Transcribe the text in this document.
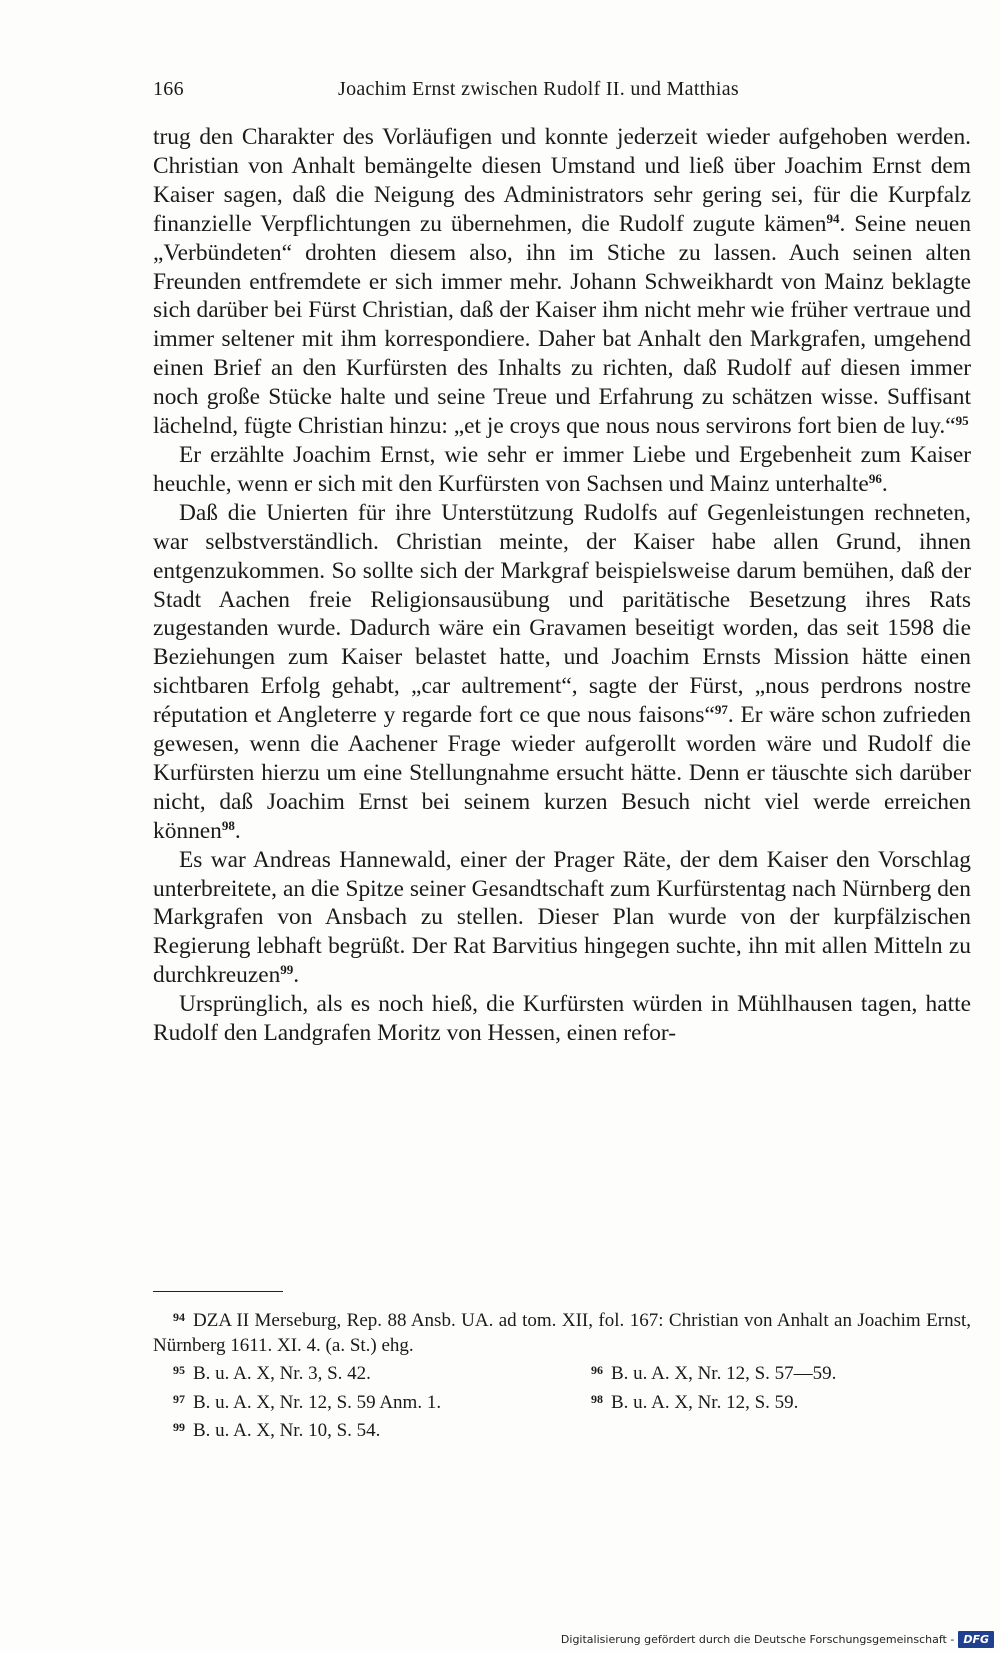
166	Joachim Ernst zwischen Rudolf II. und Matthias

trug den Charakter des Vorläufigen und konnte jederzeit wieder aufgehoben werden. Christian von Anhalt bemängelte diesen Umstand und ließ über Joachim Ernst dem Kaiser sagen, daß die Neigung des Administrators sehr gering sei, für die Kurpfalz finanzielle Verpflichtungen zu übernehmen, die Rudolf zugute kämen$^{94}$. Seine neuen „Verbündeten“ drohten diesem also, ihn im Stiche zu lassen. Auch seinen alten Freunden entfremdete er sich immer mehr. Johann Schweikhardt von Mainz beklagte sich darüber bei Fürst Christian, daß der Kaiser ihm nicht mehr wie früher vertraue und immer seltener mit ihm korrespondiere. Daher bat Anhalt den Markgrafen, umgehend einen Brief an den Kurfürsten des Inhalts zu richten, daß Rudolf auf diesen immer noch große Stücke halte und seine Treue und Erfahrung zu schätzen wisse. Suffisant lächelnd, fügte Christian hinzu: „et je croys que nous nous servirons fort bien de luy.“$^{95}$

Er erzählte Joachim Ernst, wie sehr er immer Liebe und Ergebenheit zum Kaiser heuchle, wenn er sich mit den Kurfürsten von Sachsen und Mainz unterhalte$^{96}$.

Daß die Unierten für ihre Unterstützung Rudolfs auf Gegenleistungen rechneten, war selbstverständlich. Christian meinte, der Kaiser habe allen Grund, ihnen entgenzukommen. So sollte sich der Markgraf beispielsweise darum bemühen, daß der Stadt Aachen freie Religionsausübung und paritätische Besetzung ihres Rats zugestanden wurde. Dadurch wäre ein Gravamen beseitigt worden, das seit 1598 die Beziehungen zum Kaiser belastet hatte, und Joachim Ernsts Mission hätte einen sichtbaren Erfolg gehabt, „car aultrement“, sagte der Fürst, „nous perdrons nostre réputation et Angleterre y regarde fort ce que nous faisons“$^{97}$. Er wäre schon zufrieden gewesen, wenn die Aachener Frage wieder aufgerollt worden wäre und Rudolf die Kurfürsten hierzu um eine Stellungnahme ersucht hätte. Denn er täuschte sich darüber nicht, daß Joachim Ernst bei seinem kurzen Besuch nicht viel werde erreichen können$^{98}$.

Es war Andreas Hannewald, einer der Prager Räte, der dem Kaiser den Vorschlag unterbreitete, an die Spitze seiner Gesandtschaft zum Kurfürstentag nach Nürnberg den Markgrafen von Ansbach zu stellen. Dieser Plan wurde von der kurpfälzischen Regierung lebhaft begrüßt. Der Rat Barvitius hingegen suchte, ihn mit allen Mitteln zu durchkreuzen$^{99}$.

Ursprünglich, als es noch hieß, die Kurfürsten würden in Mühlhausen tagen, hatte Rudolf den Landgrafen Moritz von Hessen, einen refor-

$^{94}$ DZA II Merseburg, Rep. 88 Ansb. UA. ad tom. XII, fol. 167: Christian von Anhalt an Joachim Ernst, Nürnberg 1611. XI. 4. (a. St.) ehg.
$^{95}$ B. u. A. X, Nr. 3, S. 42.	$^{96}$ B. u. A. X, Nr. 12, S. 57—59.
$^{97}$ B. u. A. X, Nr. 12, S. 59 Anm. 1.	$^{98}$ B. u. A. X, Nr. 12, S. 59.
$^{99}$ B. u. A. X, Nr. 10, S. 54.
Digitalisierung gefördert durch die Deutsche Forschungsgemeinschaft - DFG
